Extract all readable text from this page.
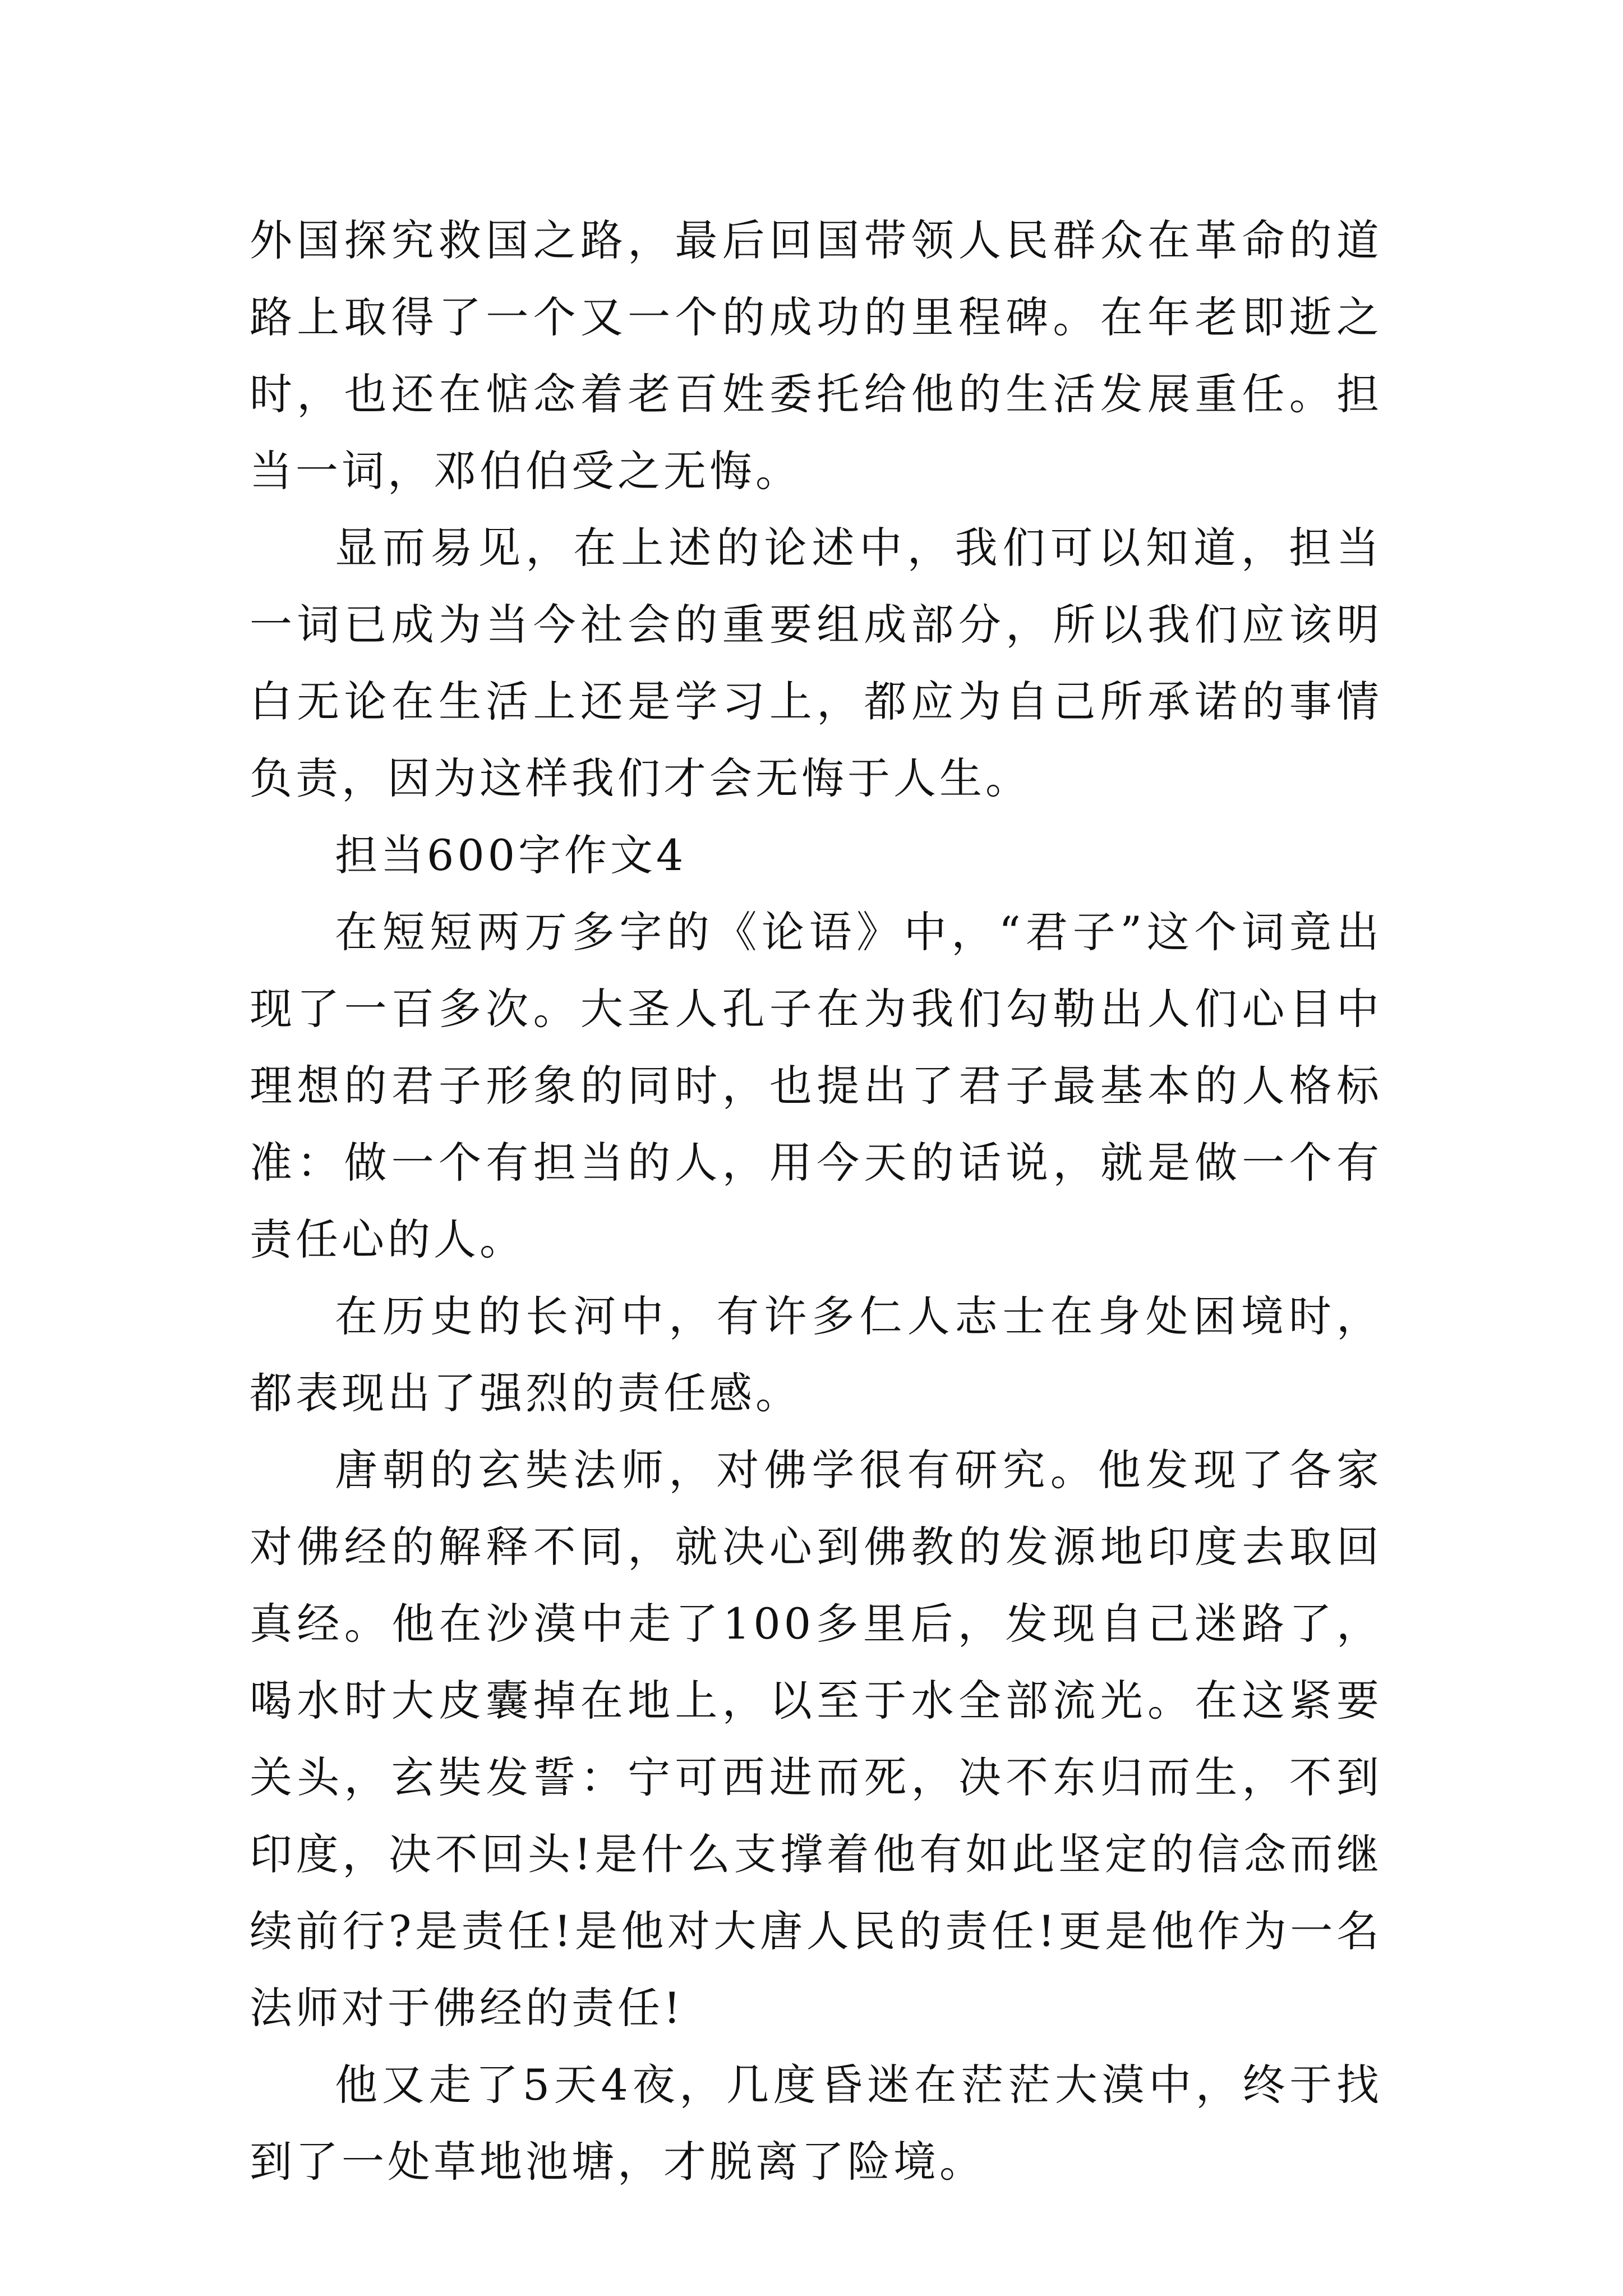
外国探究救国之路，最后回国带领人民群众在革命的道路上取得了一个又一个的成功的里程碑。在年老即逝之时，也还在惦念着老百姓委托给他的生活发展重任。担当一词，邓伯伯受之无悔。

显而易见，在上述的论述中，我们可以知道，担当一词已成为当今社会的重要组成部分，所以我们应该明白无论在生活上还是学习上，都应为自己所承诺的事情负责，因为这样我们才会无悔于人生。

担当600字作文4

在短短两万多字的《论语》中，“君子”这个词竟出现了一百多次。大圣人孔子在为我们勾勒出人们心目中理想的君子形象的同时，也提出了君子最基本的人格标准：做一个有担当的人，用今天的话说，就是做一个有责任心的人。

在历史的长河中，有许多仁人志士在身处困境时，都表现出了强烈的责任感。

唐朝的玄奘法师，对佛学很有研究。他发现了各家对佛经的解释不同，就决心到佛教的发源地印度去取回真经。他在沙漠中走了100多里后，发现自己迷路了，喝水时大皮囊掉在地上，以至于水全部流光。在这紧要关头，玄奘发誓：宁可西进而死，决不东归而生，不到印度，决不回头!是什么支撑着他有如此坚定的信念而继续前行?是责任!是他对大唐人民的责任!更是他作为一名法师对于佛经的责任!

他又走了5天4夜，几度昏迷在茫茫大漠中，终于找到了一处草地池塘，才脱离了险境。
